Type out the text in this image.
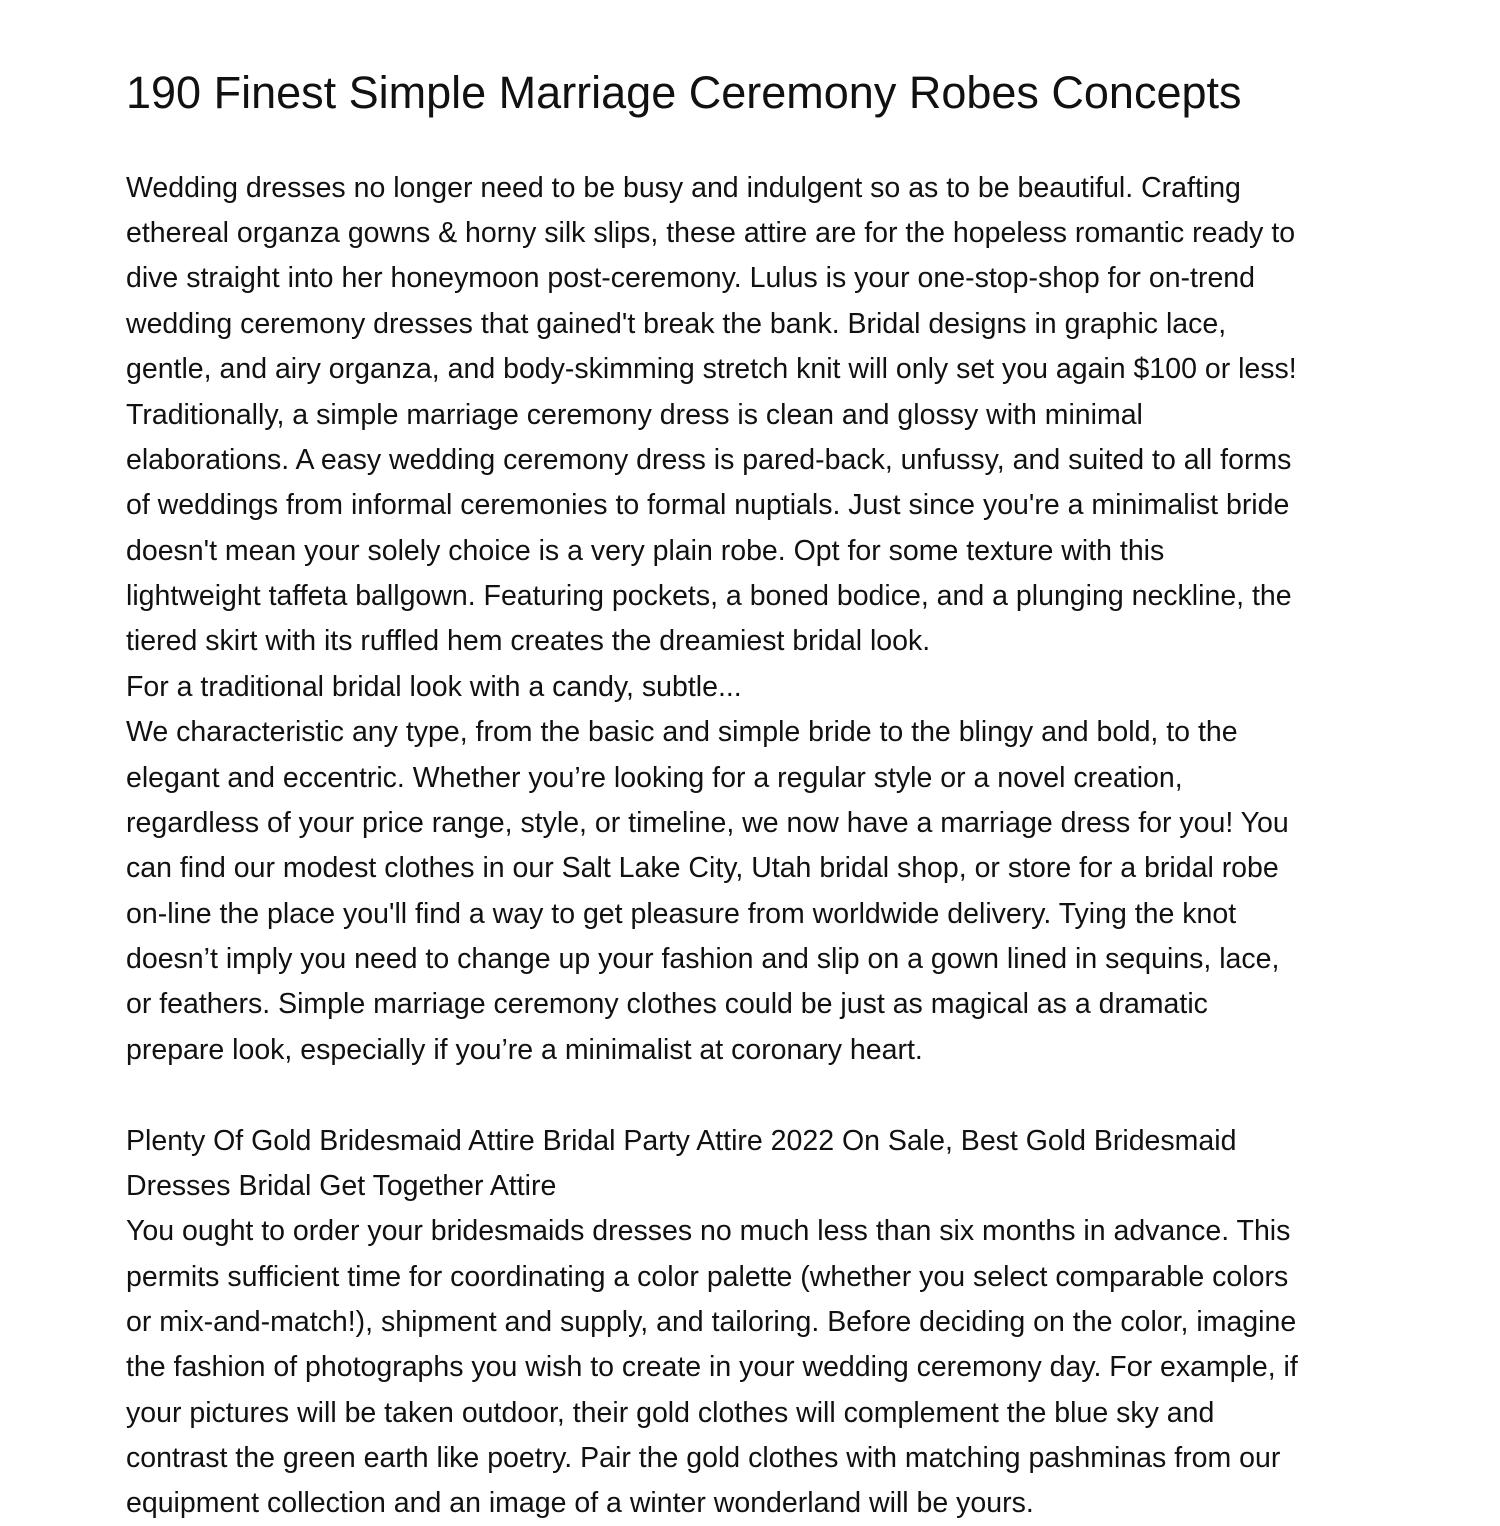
190 Finest Simple Marriage Ceremony Robes Concepts

Wedding dresses no longer need to be busy and indulgent so as to be beautiful. Crafting

ethereal organza gowns & horny silk slips, these attire are for the hopeless romantic ready to

dive straight into her honeymoon post-ceremony. Lulus is your one-stop-shop for on-trend

wedding ceremony dresses that gained't break the bank. Bridal designs in graphic lace,

gentle, and airy organza, and body-skimming stretch knit will only set you again $100 or less!

Traditionally, a simple marriage ceremony dress is clean and glossy with minimal

elaborations. A easy wedding ceremony dress is pared-back, unfussy, and suited to all forms

of weddings from informal ceremonies to formal nuptials. Just since you're a minimalist bride

doesn't mean your solely choice is a very plain robe. Opt for some texture with this

lightweight taffeta ballgown. Featuring pockets, a boned bodice, and a plunging neckline, the

tiered skirt with its ruffled hem creates the dreamiest bridal look.

For a traditional bridal look with a candy, subtle...

We characteristic any type, from the basic and simple bride to the blingy and bold, to the

elegant and eccentric. Whether you’re looking for a regular style or a novel creation,

regardless of your price range, style, or timeline, we now have a marriage dress for you! You

can find our modest clothes in our Salt Lake City, Utah bridal shop, or store for a bridal robe

on-line the place you'll find a way to get pleasure from worldwide delivery. Tying the knot

doesn’t imply you need to change up your fashion and slip on a gown lined in sequins, lace,

or feathers. Simple marriage ceremony clothes could be just as magical as a dramatic

prepare look, especially if you’re a minimalist at coronary heart.

Plenty Of Gold Bridesmaid Attire Bridal Party Attire 2022 On Sale, Best Gold Bridesmaid

Dresses Bridal Get Together Attire

You ought to order your bridesmaids dresses no much less than six months in advance. This

permits sufficient time for coordinating a color palette (whether you select comparable colors

or mix-and-match!), shipment and supply, and tailoring. Before deciding on the color, imagine

the fashion of photographs you wish to create in your wedding ceremony day. For example, if

your pictures will be taken outdoor, their gold clothes will complement the blue sky and

contrast the green earth like poetry. Pair the gold clothes with matching pashminas from our

equipment collection and an image of a winter wonderland will be yours.
